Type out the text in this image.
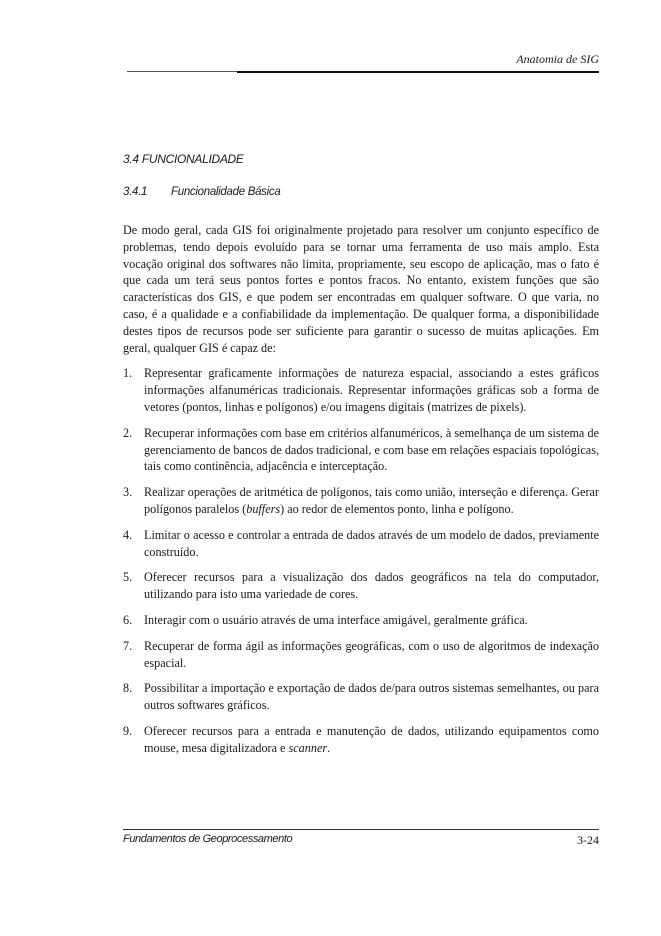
Anatomia de SIG
3.4 FUNCIONALIDADE
3.4.1 Funcionalidade Básica

De modo geral, cada GIS foi originalmente projetado para resolver um conjunto específico de problemas, tendo depois evoluído para se tornar uma ferramenta de uso mais amplo. Esta vocação original dos softwares não limita, propriamente, seu escopo de aplicação, mas o fato é que cada um terá seus pontos fortes e pontos fracos. No entanto, existem funções que são características dos GIS, e que podem ser encontradas em qualquer software. O que varia, no caso, é a qualidade e a confiabilidade da implementação. De qualquer forma, a disponibilidade destes tipos de recursos pode ser suficiente para garantir o sucesso de muitas aplicações. Em geral, qualquer GIS é capaz de:

1. Representar graficamente informações de natureza espacial, associando a estes gráficos informações alfanuméricas tradicionais. Representar informações gráficas sob a forma de vetores (pontos, linhas e polígonos) e/ou imagens digitais (matrizes de pixels).
2. Recuperar informações com base em critérios alfanuméricos, à semelhança de um sistema de gerenciamento de bancos de dados tradicional, e com base em relações espaciais topológicas, tais como continência, adjacência e interceptação.
3. Realizar operações de aritmética de polígonos, tais como união, interseção e diferença. Gerar polígonos paralelos (buffers) ao redor de elementos ponto, linha e polígono.
4. Limitar o acesso e controlar a entrada de dados através de um modelo de dados, previamente construído.
5. Oferecer recursos para a visualização dos dados geográficos na tela do computador, utilizando para isto uma variedade de cores.
6. Interagir com o usuário através de uma interface amigável, geralmente gráfica.
7. Recuperar de forma ágil as informações geográficas, com o uso de algoritmos de indexação espacial.
8. Possibilitar a importação e exportação de dados de/para outros sistemas semelhantes, ou para outros softwares gráficos.
9. Oferecer recursos para a entrada e manutenção de dados, utilizando equipamentos como mouse, mesa digitalizadora e scanner.
Fundamentos de Geoprocessamento	3-24
